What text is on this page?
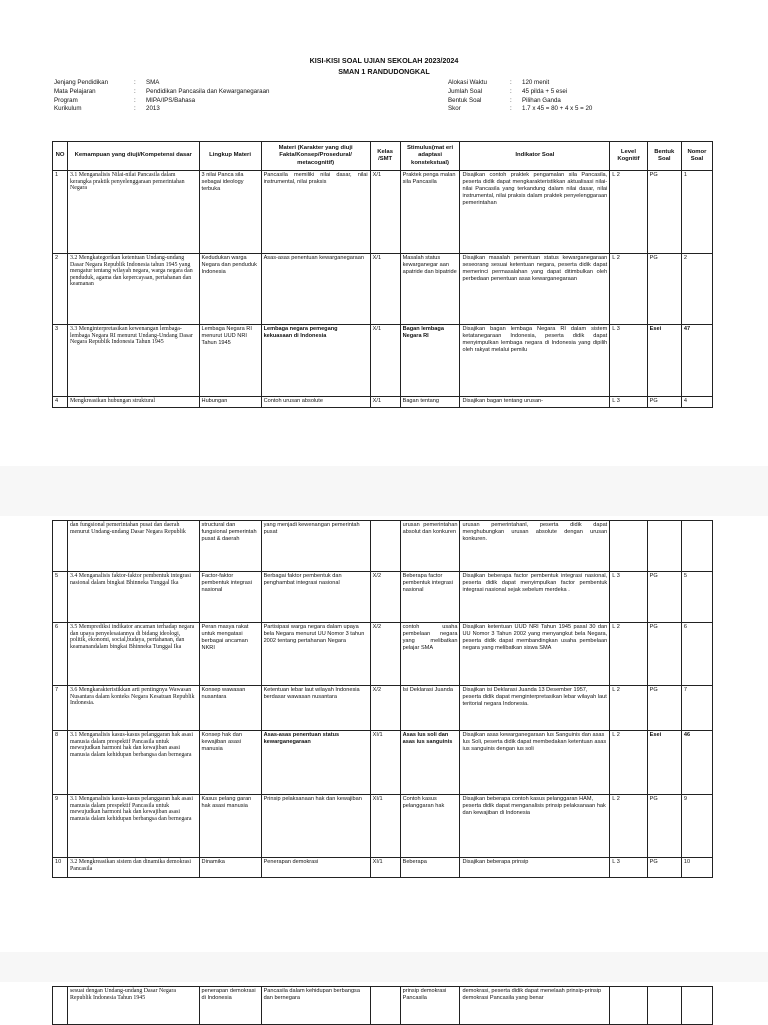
KISI-KISI SOAL UJIAN SEKOLAH 2023/2024
SMAN 1 RANDUDONGKAL
Jenjang Pendidikan	:	SMA
Mata Pelajaran	:	Pendidikan Pancasila dan Kewarganegaraan
Program	:	MIPA/IPS/Bahasa
Kurikulum	:	2013
Alokasi Waktu	:	120 menit
Jumlah Soal	:	45 pilda + 5 esei
Bentuk Soal	:	Pilihan Ganda
Skor	:	1.7 x 45 = 80 + 4 x 5 = 20
NO	Kemampuan yang diuji/Kompetensi dasar	Lingkup Materi	Materi (Karakter yang diuji Fakta/Konsep/Prosedural/ metacognitif)	Kelas /SMT	Stimulus(mat eri adaptasi konstekstual)	Indikator Soal	Level Kognitif	Bentuk Soal	Nomor Soal
1	3.1 Menganalisis Nilai-nilai Pancasila dalam kerangka praktik penyelenggaraan pemerintahan Negara	3 nilai Panca sila sebagai ideology terbuka	Pancasila memiliki nilai dasar, nilai instrumental, nilai praksis	X/1	Praktek penga malan sila Pancasila	Disajikan contoh praktek pengamalan sila Pancasila, peserta didik dapat mengkarakteristikkan aktualisasi nilai-nilai Pancasila yang terkandung dalam nilai dasar, nilai instrumental, nilai praksis dalam praktek penyelenggaraan pemerintahan	L 2	PG	1
2	3.2 Mengkategorikan ketentuan Undang-undang Dasar Negara Republik Indonesia tahun 1945 yang mengatur tentang wilayah negara, warga negara dan penduduk, agama dan kepercayaan, pertahanan dan keamanan	Kedudukan warga Negara dan penduduk Indonesia	Asas-asas penentuan kewarganegaraan	X/1	Masalah status kewarganegar aan apatride dan bipatride	Disajikan masalah penentuan status kewarganegaraan seseorang sesuai ketentuan negara, peserta didik dapat memerinci permasalahan yang dapat ditimbulkan oleh perbedaan penentuan asas kewarganegaraan	L 2	PG	2
3	3.3 Menginterpretasikan kewenangan lembaga-lembaga Negara RI menurut Undang-Undang Dasar Negara Republik Indonesia Tahun 1945	Lembaga Negara RI menurut UUD NRI Tahun 1945	Lembaga negara pemegang kekuasaan di Indonesia	X/1	Bagan lembaga Negara RI	Disajikan bagan lembaga Negara RI dalam sistem ketatanegaraan Indonesia, peserta didik dapat menyimpulkan lembaga negara di Indonesia yang dipilih oleh rakyat melalui pemilu	L 3	Esei	47
4	Mengkreasikan hubungan struktural	Hubungan	Contoh urusan absolute	X/1	Bagan tentang	Disajikan bagan tentang urusan-	L 3	PG	4
	dan fungsional pemerintahan pusat dan daerah menurut Undang-undang Dasar Negara Republik	structural dan fungsional pemerintah pusat & daerah	yang menjadi kewenangan pemerintah pusat		urusan pemerintahan absolut dan konkuren	urusan pemerintahanl, peserta didik dapat menghubungkan urusan absolute dengan urusan konkuren.			
5	3.4 Menganalisis faktor-faktor pembentuk integrasi nasional dalam bingkai Bhinneka Tunggal Ika	Factor-faktor pembentuk integrasi nasional	Berbagai faktor pembentuk dan penghambat integrasi nasional	X/2	Beberapa factor pembentuk integrasi nasional	Disajikan beberapa factor pembentuk integrasi nasional, peserta didik dapat menyimpulkan factor pembentuk integrasi nasional sejak sebelum merdeka .	L 3	PG	5
6	3.5 Memprediksi indikator ancaman terhadap negara dan upaya penyelesaiannya di bidang ideologi, politik, ekonomi, social,budaya, pertahanan, dan keamanandalam bingkai Bhinneka Tunggal Ika	Peran masya rakat untuk mengatasi berbagai ancaman NKRI	Partisipasi warga negara dalam upaya bela Negara menurut UU Nomor 3 tahun 2002 tentang pertahanan Negara	X/2	contoh usaha pembelaan negara yang melibatkan pelajar SMA	Disajikan ketentuan UUD NRI Tahun 1945 pasal 30 dan UU Nomor 3 Tahun 2002 yang menyangkut bela Negara, peserta didik dapat membandingkan usaha pembelaan negara yang melibatkan siswa SMA	L 2	PG	6
7	3.6 Mengkarakteristikkan arti pentingnya Wawasan Nusantara dalam konteks Negara Kesatuan Republik Indonesia.	Konsep wawasan nusantara	Ketentuan lebar laut wilayah Indonesia berdasar wawasan nusantara	X/2	Isi Deklarasi Juanda	Disajikan isi Deklarasi Juanda 13 Desember 1957, peserta didik dapat menginterpretasikan lebar wilayah laut teritorial negara Indonesia.	L 2	PG	7
8	3.1 Menganalisis kasus-kasus pelanggaran hak asasi manusia dalam prespektif Pancasila untuk mewujudkan harmoni hak dan kewajiban asasi manusia dalam kehidupan berbangsa dan bernegara	Konsep hak dan kewajiban asasi manusia	Asas-asas penentuan status kewarganegaraan	XI/1	Asas Ius soli dan asas ius sanguinis	Disajikan asas kewarganegaraan Ius Sanguinis dan asas Ius Soli, peserta didik dapat membedakan ketentuan asas ius sanguinis dengan ius soli	L 2	Esei	46
9	3.1 Menganalisis kasus-kasus pelanggaran hak asasi manusia dalam prespektif Pancasila untuk mewujudkan harmoni hak dan kewajiban asasi manusia dalam kehidupan berbangsa dan bernegara	Kasus pelang garan hak asasi manusia	Prinsip pelaksanaan hak dan kewajiban	XI/1	Contoh kasus pelanggaran hak	Disajikan beberapa contoh kasus pelanggaran HAM, peserta didik dapat menganalisis prinsip pelaksanaan hak dan kewajiban di Indonesia	L 2	PG	9
10	3.2 Mengkreasikan sistem dan dinamika demokrasi Pancasila	Dinamika	Penerapan demokrasi	XI/1	Beberapa	Disajikan beberapa prinsip	L 3	PG	10
	sesuai dengan Undang-undang Dasar Negara Republik Indonesia Tahun 1945	penerapan demokrasi di Indonesia	Pancasila dalam kehidupan berbangsa dan bernegara		prinsip demokrasi Pancasila	demokrasi, peserta didik dapat menelaah prinsip-prinsip demokrasi Pancasila yang benar			
